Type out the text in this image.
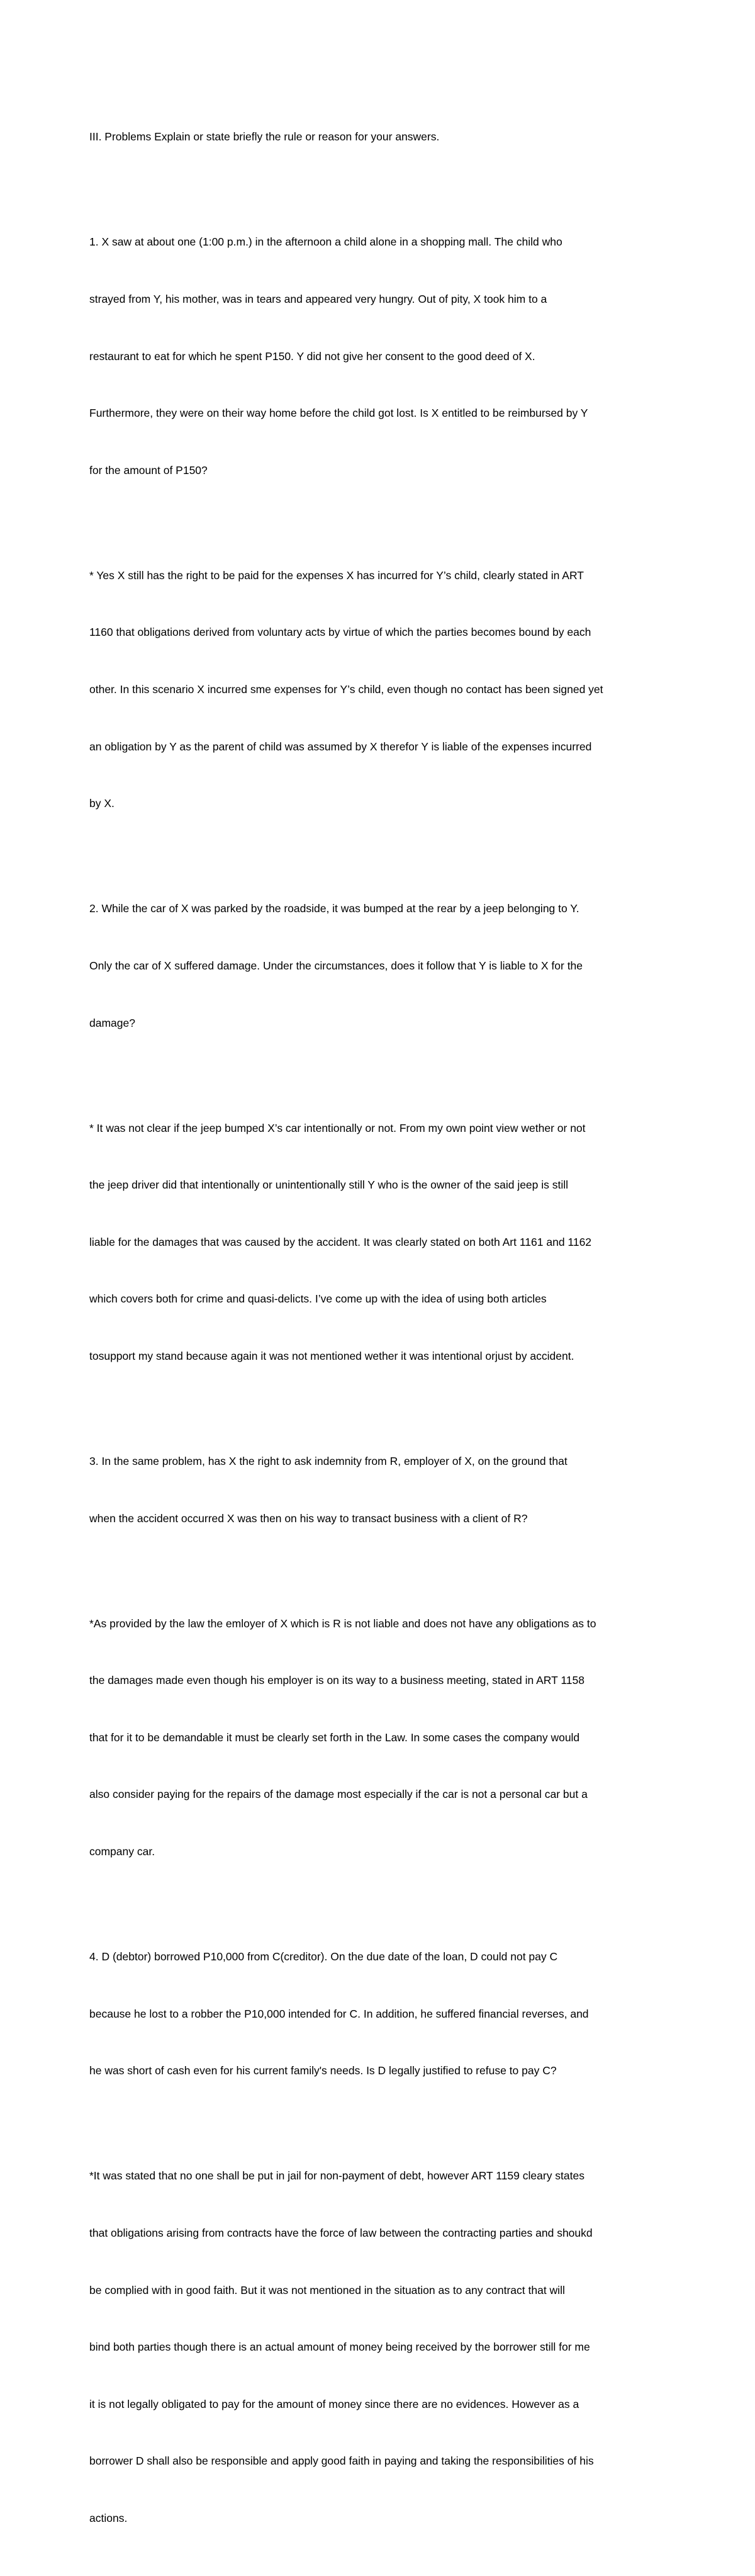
III. Problems Explain or state briefly the rule or reason for your answers.

1. X saw at about one (1:00 p.m.) in the afternoon a child alone in a shopping mall. The child who

strayed from Y, his mother, was in tears and appeared very hungry. Out of pity, X took him to a

restaurant to eat for which he spent P150. Y did not give her consent to the good deed of X.

Furthermore, they were on their way home before the child got lost. Is X entitled to be reimbursed by Y

for the amount of P150?

* Yes X still has the right to be paid for the expenses X has incurred for Y’s child, clearly stated in ART

1160 that obligations derived from voluntary acts by virtue of which the parties becomes bound by each

other. In this scenario X incurred sme expenses for Y’s child, even though no contact has been signed yet

an obligation by Y as the parent of child was assumed by X therefor Y is liable of the expenses incurred

by X.

2. While the car of X was parked by the roadside, it was bumped at the rear by a jeep belonging to Y.

Only the car of X suffered damage. Under the circumstances, does it follow that Y is liable to X for the

damage?

* It was not clear if the jeep bumped X’s car intentionally or not. From my own point view wether or not

the jeep driver did that intentionally or unintentionally still Y who is the owner of the said jeep is still

liable for the damages that was caused by the accident. It was clearly stated on both Art 1161 and 1162

which covers both for crime and quasi-delicts. I’ve come up with the idea of using both articles

tosupport my stand because again it was not mentioned wether it was intentional orjust by accident.

3. In the same problem, has X the right to ask indemnity from R, employer of X, on the ground that

when the accident occurred X was then on his way to transact business with a client of R?

*As provided by the law the emloyer of X which is R is not liable and does not have any obligations as to

the damages made even though his employer is on its way to a business meeting, stated in ART 1158

that for it to be demandable it must be clearly set forth in the Law. In some cases the company would

also consider paying for the repairs of the damage most especially if the car is not a personal car but a

company car.

4. D (debtor) borrowed P10,000 from C(creditor). On the due date of the loan, D could not pay C

because he lost to a robber the P10,000 intended for C. In addition, he suffered financial reverses, and

he was short of cash even for his current family's needs. Is D legally justified to refuse to pay C?

*It was stated that no one shall be put in jail for non-payment of debt, however ART 1159 cleary states

that obligations arising from contracts have the force of law between the contracting parties and shoukd

be complied with in good faith. But it was not mentioned in the situation as to any contract that will

bind both parties though there is an actual amount of money being received by the borrower still for me

it is not legally obligated to pay for the amount of money since there are no evidences. However as a

borrower D shall also be responsible and apply good faith in paying and taking the responsibilities of his

actions.
